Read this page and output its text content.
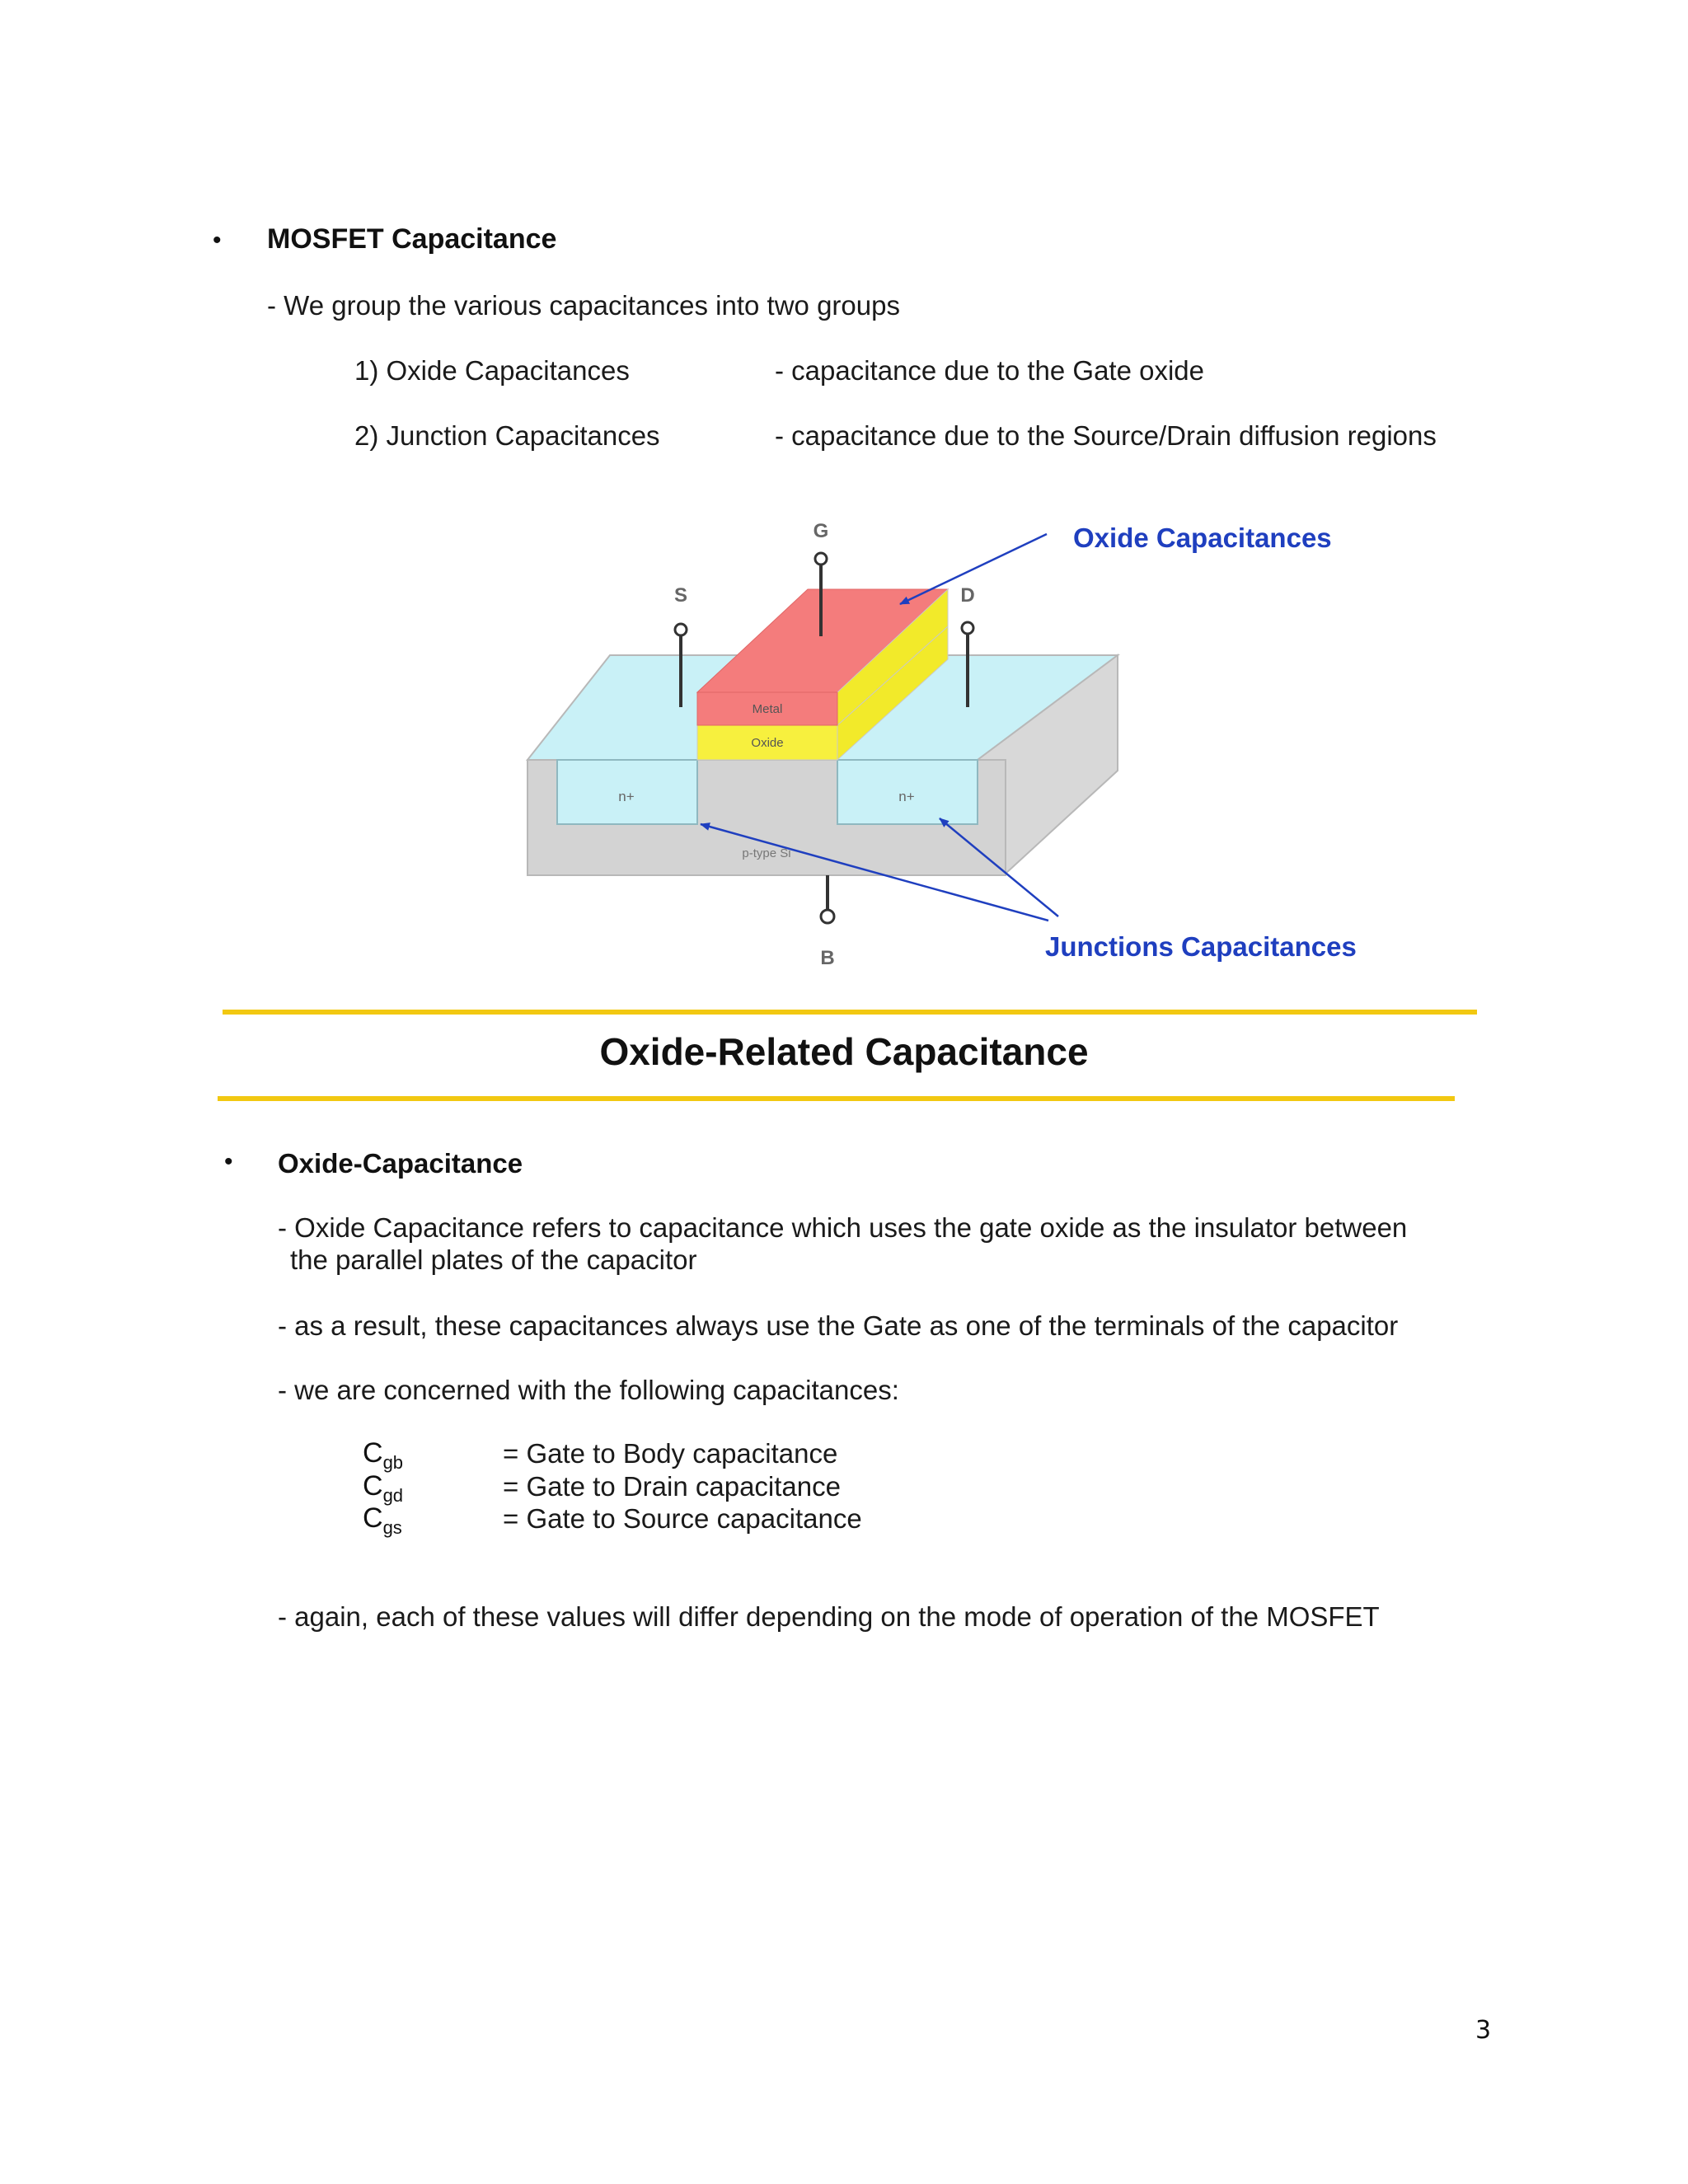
• MOSFET Capacitance
- We group the various capacitances into two groups
1) Oxide Capacitances	- capacitance due to the Gate oxide
2) Junction Capacitances	- capacitance due to the Source/Drain diffusion regions
G
S	D
B
Metal
Oxide
n+	n+
p-type Si
Oxide Capacitances
Junctions Capacitances
Oxide-Related Capacitance
• Oxide-Capacitance
- Oxide Capacitance refers to capacitance which uses the gate oxide as the insulator between
the parallel plates of the capacitor
- as a result, these capacitances always use the Gate as one of the terminals of the capacitor
- we are concerned with the following capacitances:
$C_{gb}$	= Gate to Body capacitance
$C_{gd}$	= Gate to Drain capacitance
$C_{gs}$	= Gate to Source capacitance
- again, each of these values will differ depending on the mode of operation of the MOSFET
3
